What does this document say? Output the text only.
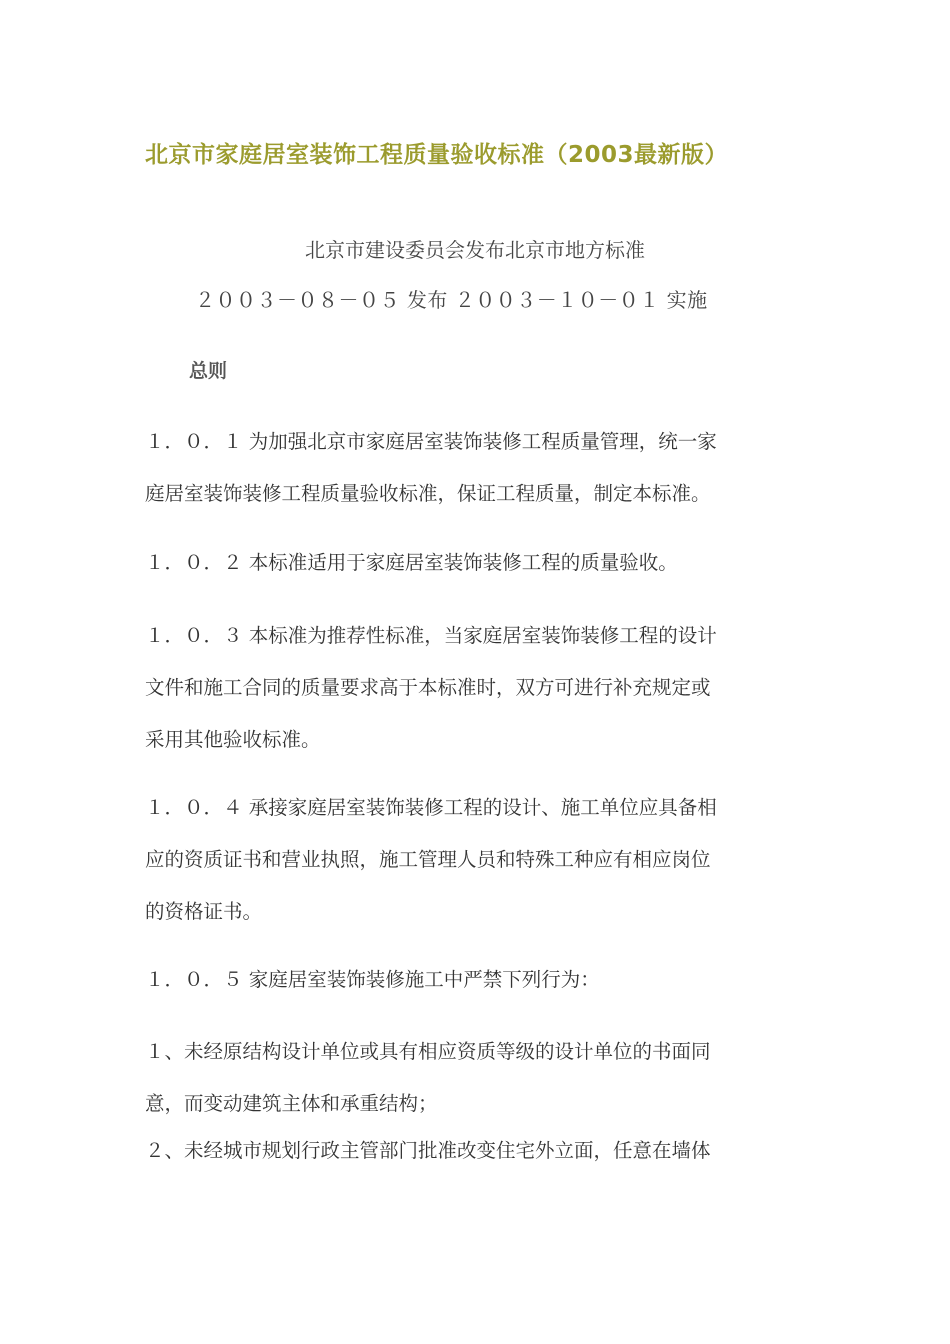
北京市家庭居室装饰工程质量验收标准（2003最新版）
北京市建设委员会发布北京市地方标准
２００３－０８－０５ 发布 ２００３－１０－０１ 实施
总则
１．０．１ 为加强北京市家庭居室装饰装修工程质量管理，统一家
庭居室装饰装修工程质量验收标准，保证工程质量，制定本标准。
１．０．２ 本标准适用于家庭居室装饰装修工程的质量验收。
１．０．３ 本标准为推荐性标准，当家庭居室装饰装修工程的设计
文件和施工合同的质量要求高于本标准时，双方可进行补充规定或
采用其他验收标准。
１．０．４ 承接家庭居室装饰装修工程的设计、施工单位应具备相
应的资质证书和营业执照，施工管理人员和特殊工种应有相应岗位
的资格证书。
１．０．５ 家庭居室装饰装修施工中严禁下列行为：
１、未经原结构设计单位或具有相应资质等级的设计单位的书面同
意，而变动建筑主体和承重结构；
２、未经城市规划行政主管部门批准改变住宅外立面，任意在墙体
